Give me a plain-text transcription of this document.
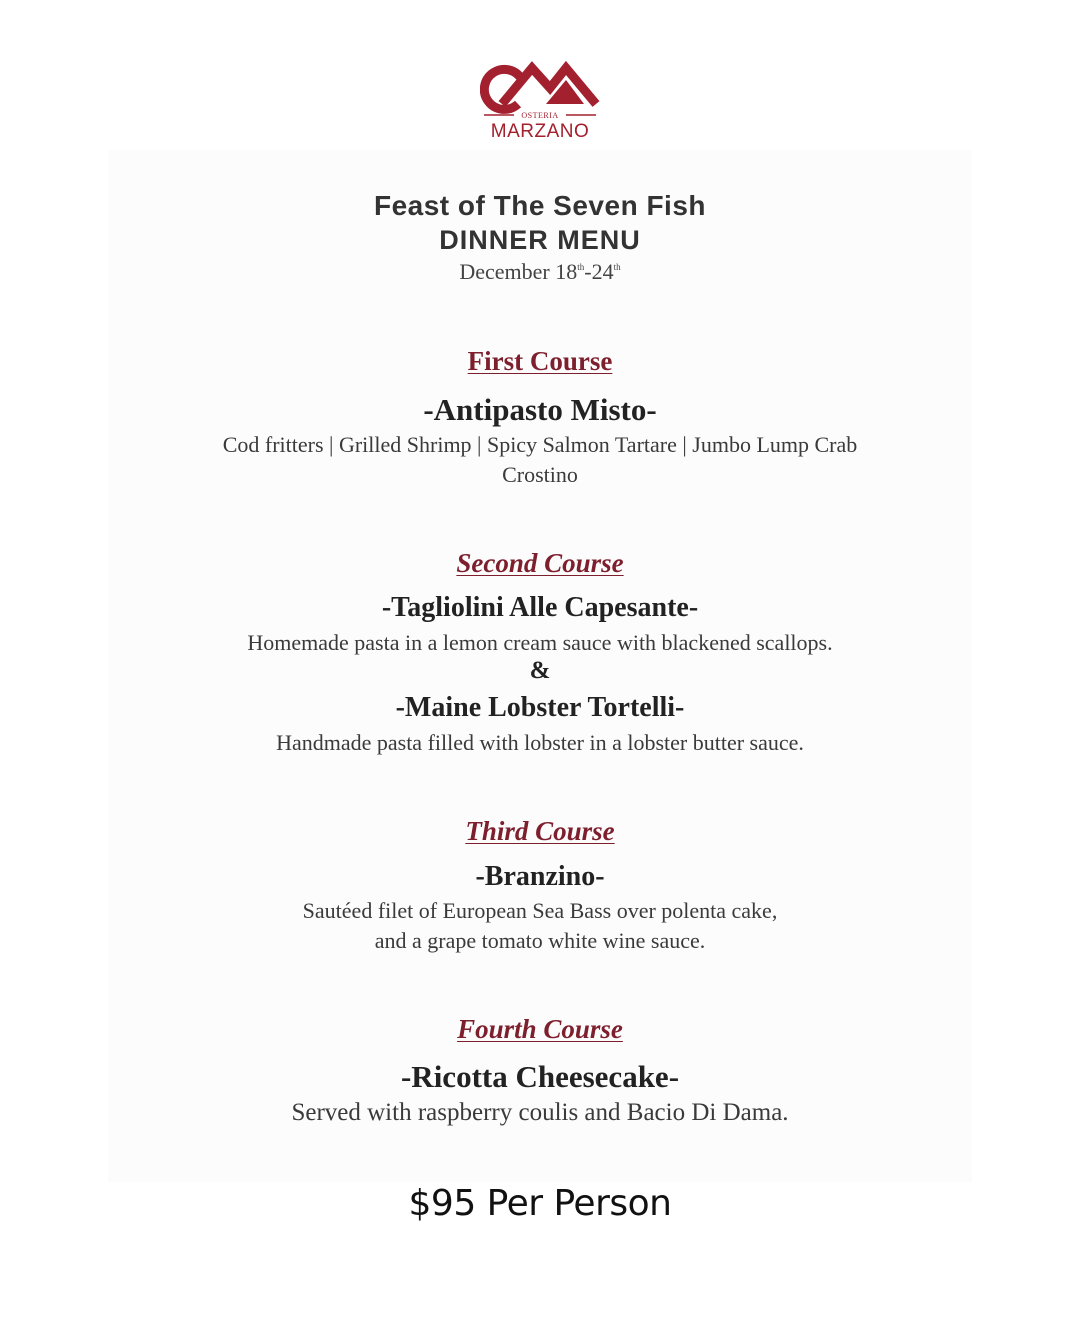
OSTERIA
MARZANO

Feast of The Seven Fish

DINNER MENU

December 18th-24th

First Course

-Antipasto Misto-

Cod fritters | Grilled Shrimp | Spicy Salmon Tartare | Jumbo Lump Crab

Crostino

Second Course

-Tagliolini Alle Capesante-

Homemade pasta in a lemon cream sauce with blackened scallops.

&

-Maine Lobster Tortelli-

Handmade pasta filled with lobster in a lobster butter sauce.

Third Course

-Branzino-

Sautéed filet of European Sea Bass over polenta cake,

and a grape tomato white wine sauce.

Fourth Course

-Ricotta Cheesecake-

Served with raspberry coulis and Bacio Di Dama.

$95 Per Person
